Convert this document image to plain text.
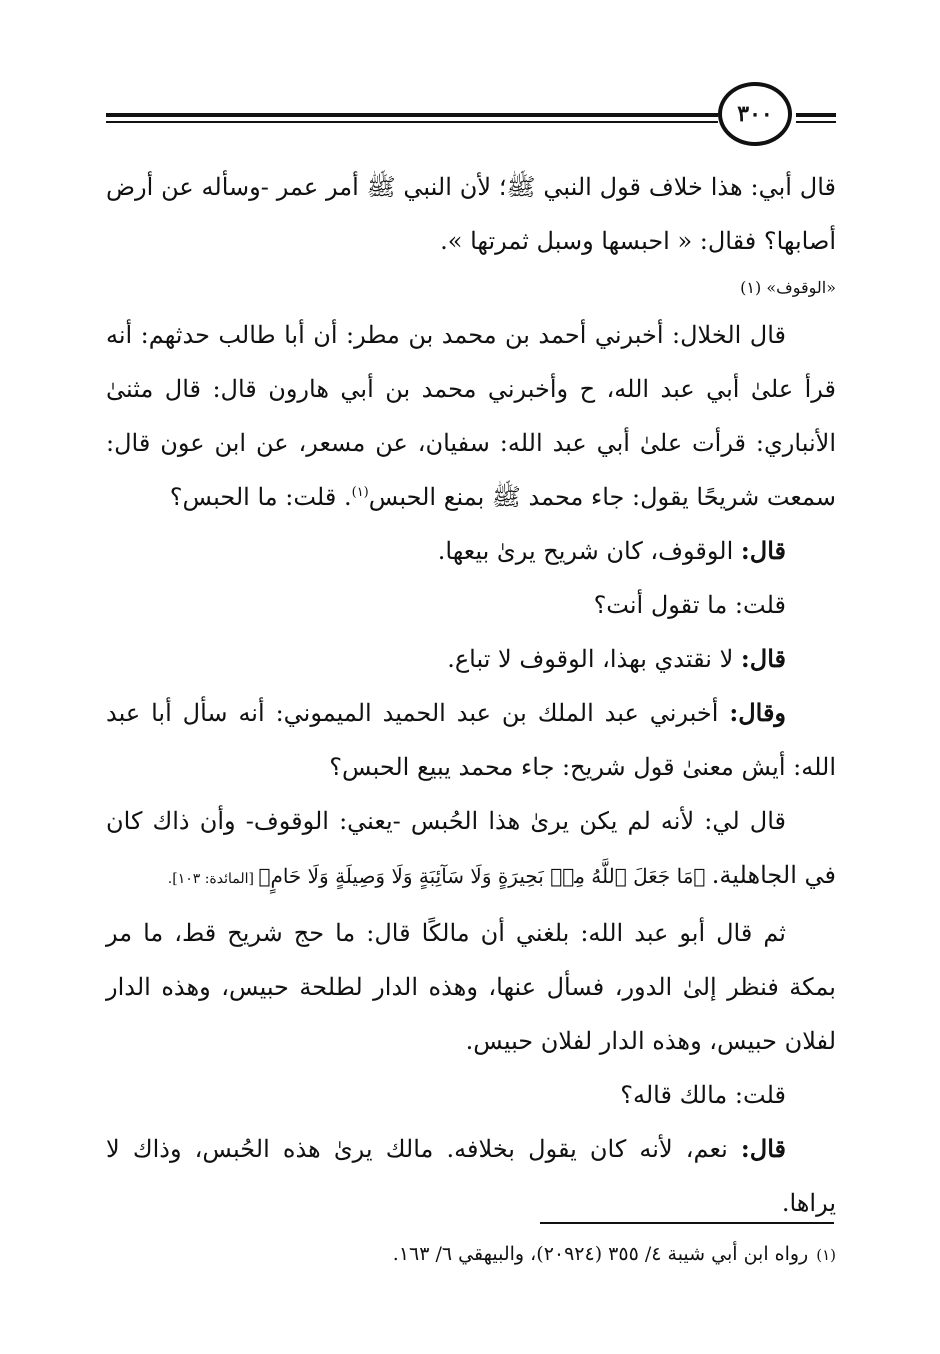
٣٠٠

قال أبي: هذا خلاف قول النبي ﷺ؛ لأن النبي ﷺ أمر عمر -وسأله عن أرض أصابها؟ فقال: « احبسها وسبل ثمرتها ».

«الوقوف» (١)

قال الخلال: أخبرني أحمد بن محمد بن مطر: أن أبا طالب حدثهم: أنه قرأ علىٰ أبي عبد الله، ح وأخبرني محمد بن أبي هارون قال: قال مثنىٰ الأنباري: قرأت علىٰ أبي عبد الله: سفيان، عن مسعر، عن ابن عون قال: سمعت شريحًا يقول: جاء محمد ﷺ بمنع الحبس$^{(١)}$. قلت: ما الحبس؟

قال: الوقوف، كان شريح يرىٰ بيعها.

قلت: ما تقول أنت؟

قال: لا نقتدي بهذا، الوقوف لا تباع.

وقال: أخبرني عبد الملك بن عبد الحميد الميموني: أنه سأل أبا عبد الله: أيش معنىٰ قول شريح: جاء محمد يبيع الحبس؟

قال لي: لأنه لم يكن يرىٰ هذا الحُبس -يعني: الوقوف- وأن ذاك كان في الجاهلية. ﴿مَا جَعَلَ ٱللَّهُ مِنۢ بَحِيرَةٍ وَلَا سَآئِبَةٍ وَلَا وَصِيلَةٍ وَلَا حَامٍ﴾ [المائدة: ١٠٣].

ثم قال أبو عبد الله: بلغني أن مالكًا قال: ما حج شريح قط، ما مر بمكة فنظر إلىٰ الدور، فسأل عنها، وهذه الدار لطلحة حبيس، وهذه الدار لفلان حبيس، وهذه الدار لفلان حبيس.

قلت: مالك قاله؟

قال: نعم، لأنه كان يقول بخلافه. مالك يرىٰ هذه الحُبس، وذاك لا يراها.

(١)رواه ابن أبي شيبة ٤/ ٣٥٥ (٢٠٩٢٤)، والبيهقي ٦/ ١٦٣.
